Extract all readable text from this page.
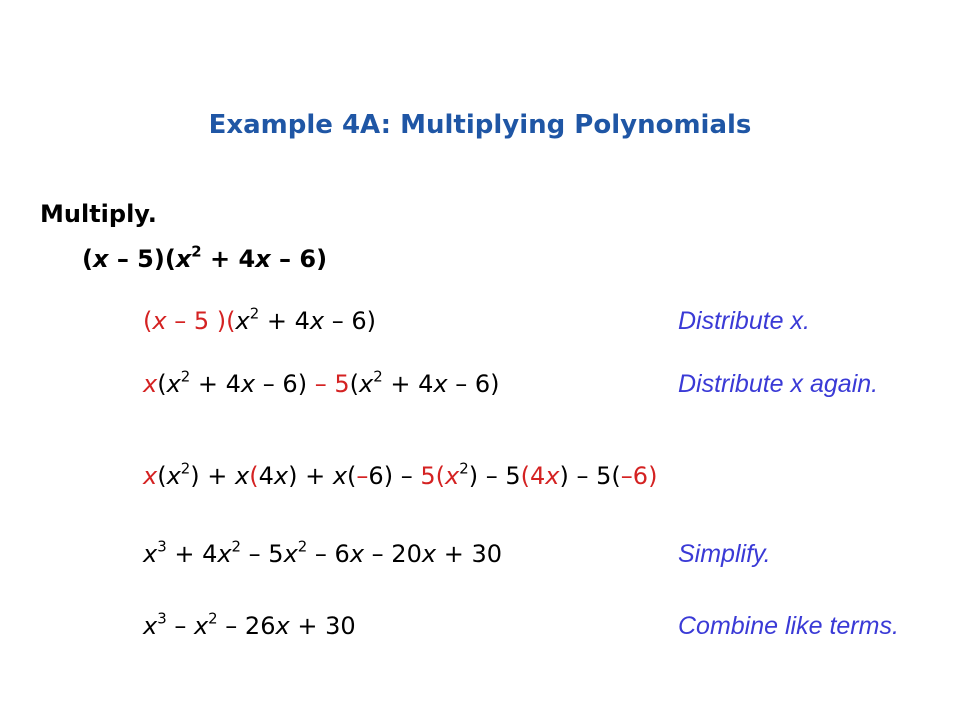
Example 4A: Multiplying Polynomials
Multiply.
$(x - 5)(x^2 + 4x - 6)$
(x – 5 )$(x^2 + 4x - 6)$	Distribute x.
$x(x^2 + 4x - 6) - 5(x^2 + 4x - 6)$	Distribute x again.
$x(x^2) + x(4x) + x(-6) - 5(x^2) - 5(4x) - 5(-6)$
$x^3 + 4x^2 - 5x^2 - 6x - 20x + 30$	Simplify.
$x^3 - x^2 - 26x + 30$	Combine like terms.
